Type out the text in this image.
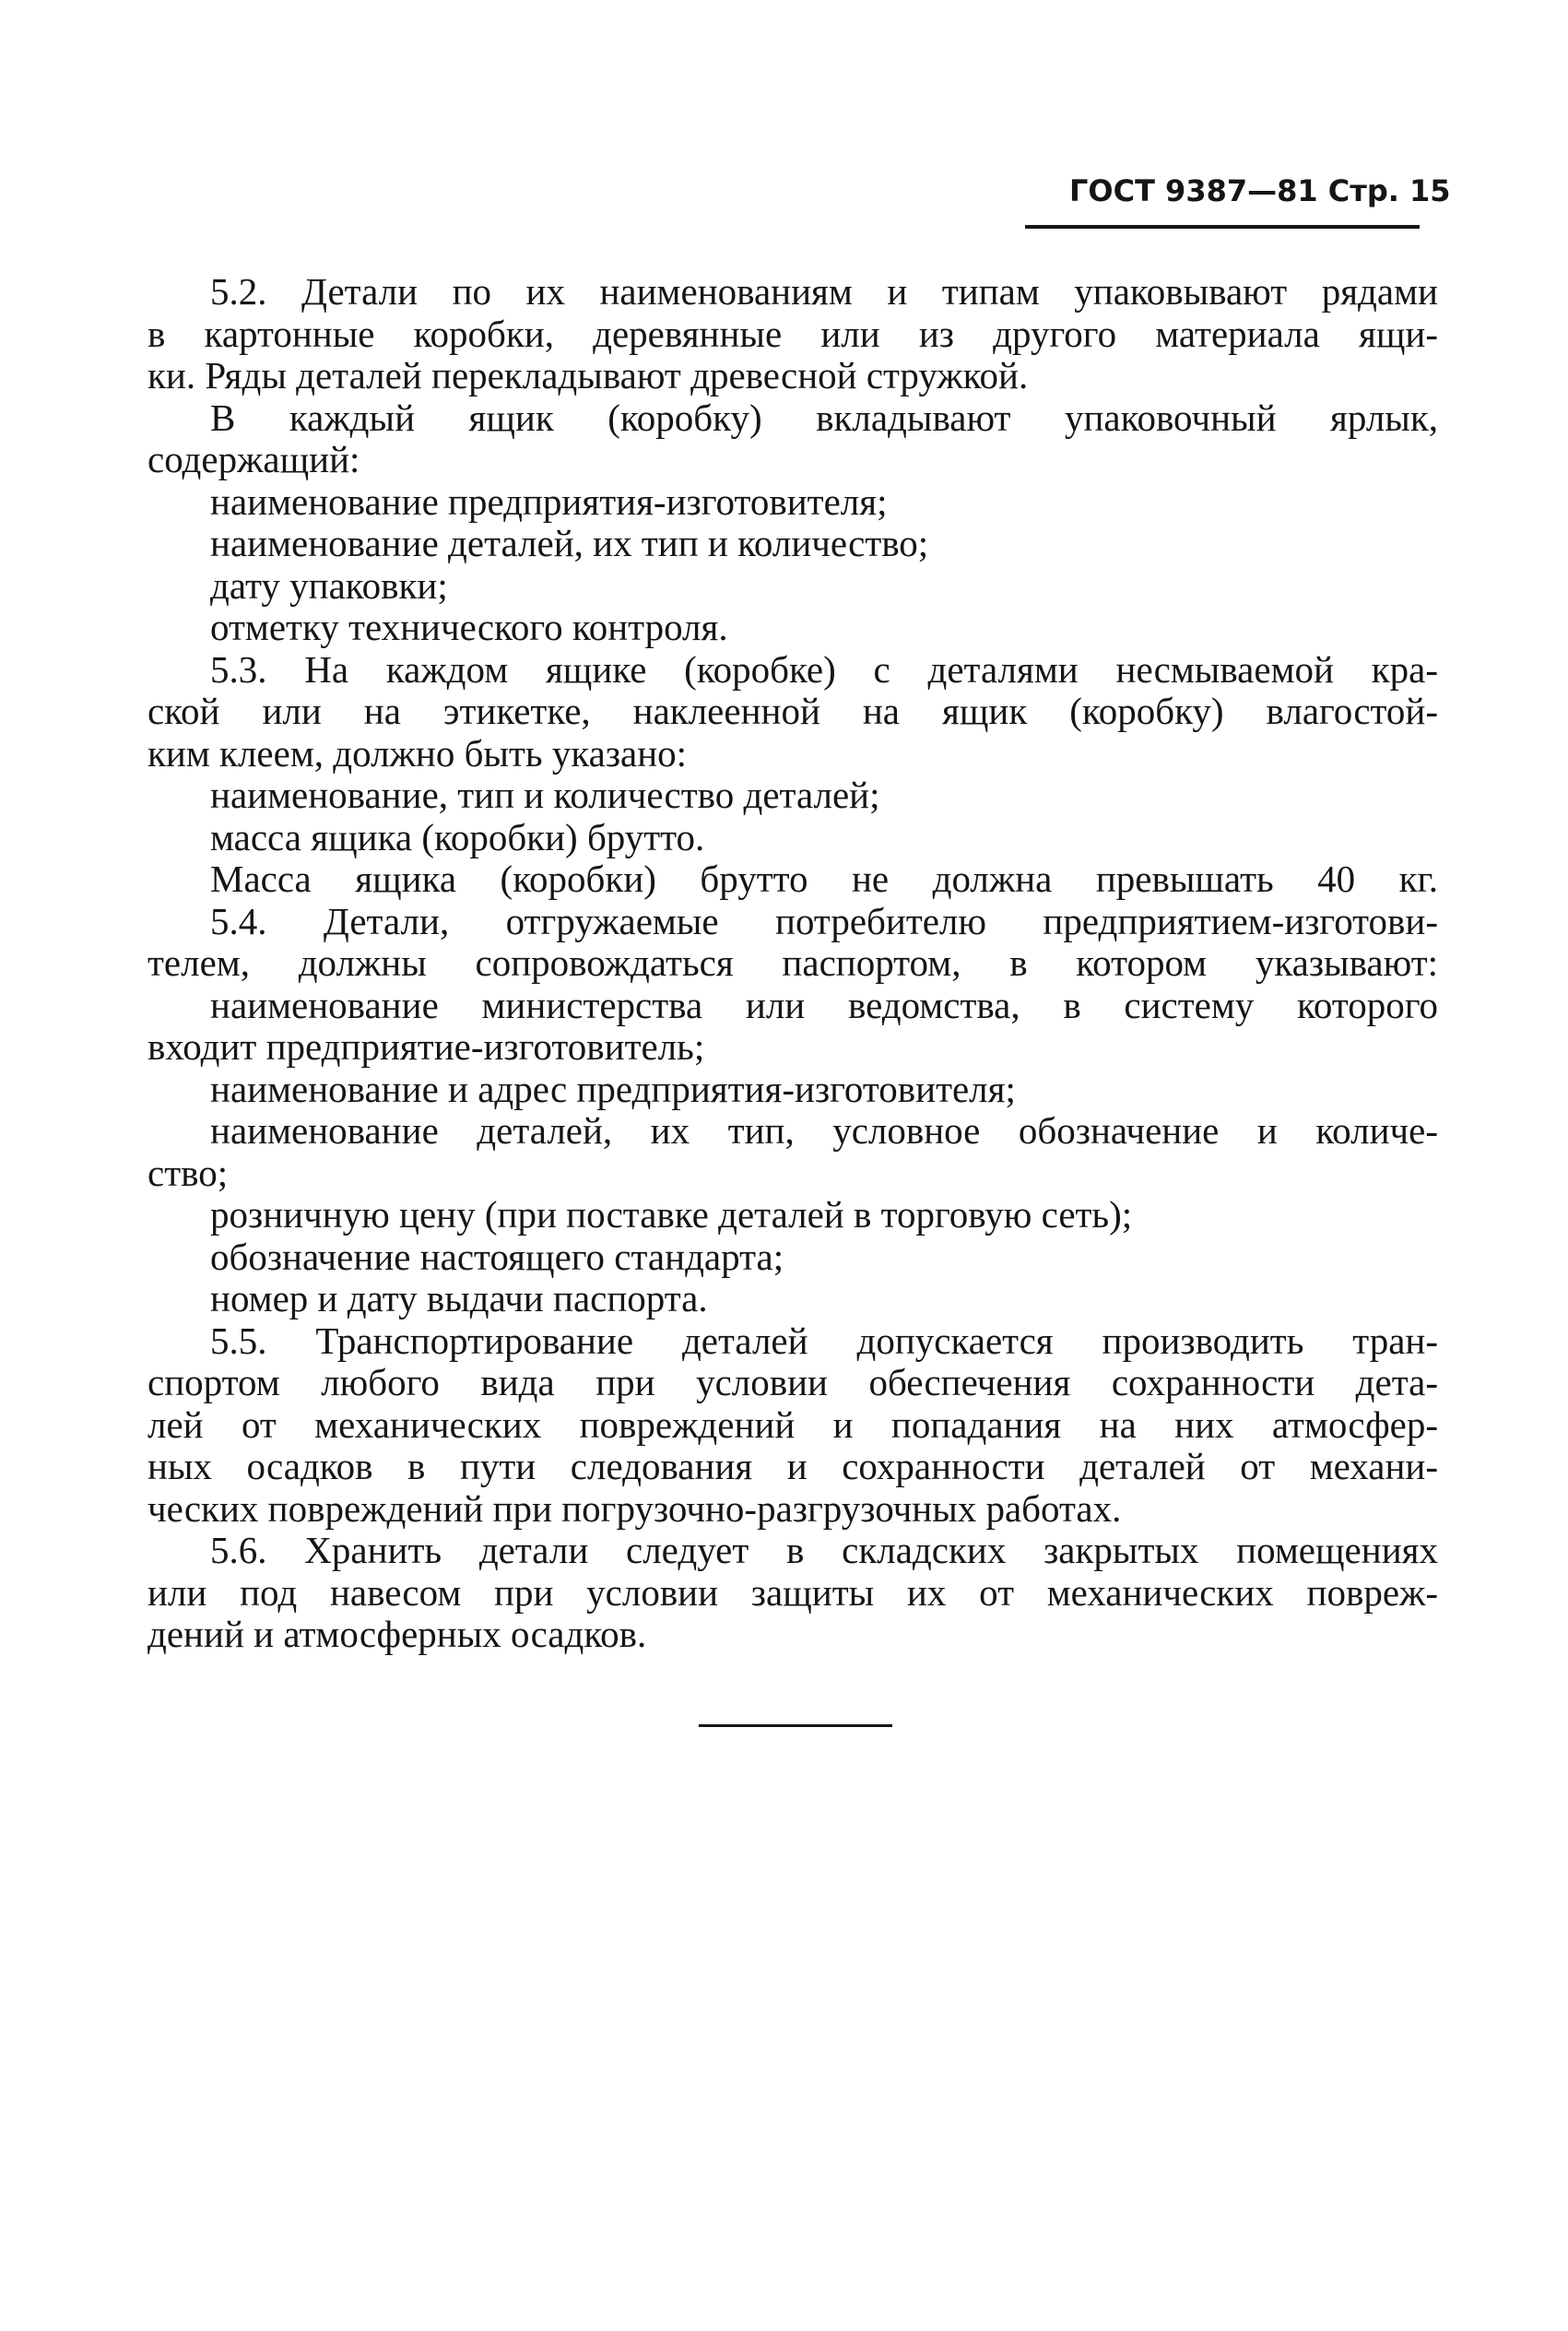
ГОСТ 9387—81 Стр. 15
5.2. Детали по их наименованиям и типам упаковывают рядами
в картонные коробки, деревянные или из другого материала ящи-
ки. Ряды деталей перекладывают древесной стружкой.
В каждый ящик (коробку) вкладывают упаковочный ярлык,
содержащий:
наименование предприятия-изготовителя;
наименование деталей, их тип и количество;
дату упаковки;
отметку технического контроля.
5.3. На каждом ящике (коробке) с деталями несмываемой кра-
ской или на этикетке, наклеенной на ящик (коробку) влагостой-
ким клеем, должно быть указано:
наименование, тип и количество деталей;
масса ящика (коробки) брутто.
Масса ящика (коробки) брутто не должна превышать 40 кг.
5.4. Детали, отгружаемые потребителю предприятием-изготови-
телем, должны сопровождаться паспортом, в котором указывают:
наименование министерства или ведомства, в систему которого
входит предприятие-изготовитель;
наименование и адрес предприятия-изготовителя;
наименование деталей, их тип, условное обозначение и количе-
ство;
розничную цену (при поставке деталей в торговую сеть);
обозначение настоящего стандарта;
номер и дату выдачи паспорта.
5.5. Транспортирование деталей допускается производить тран-
спортом любого вида при условии обеспечения сохранности дета-
лей от механических повреждений и попадания на них атмосфер-
ных осадков в пути следования и сохранности деталей от механи-
ческих повреждений при погрузочно-разгрузочных работах.
5.6. Хранить детали следует в складских закрытых помещениях
или под навесом при условии защиты их от механических повреж-
дений и атмосферных осадков.
